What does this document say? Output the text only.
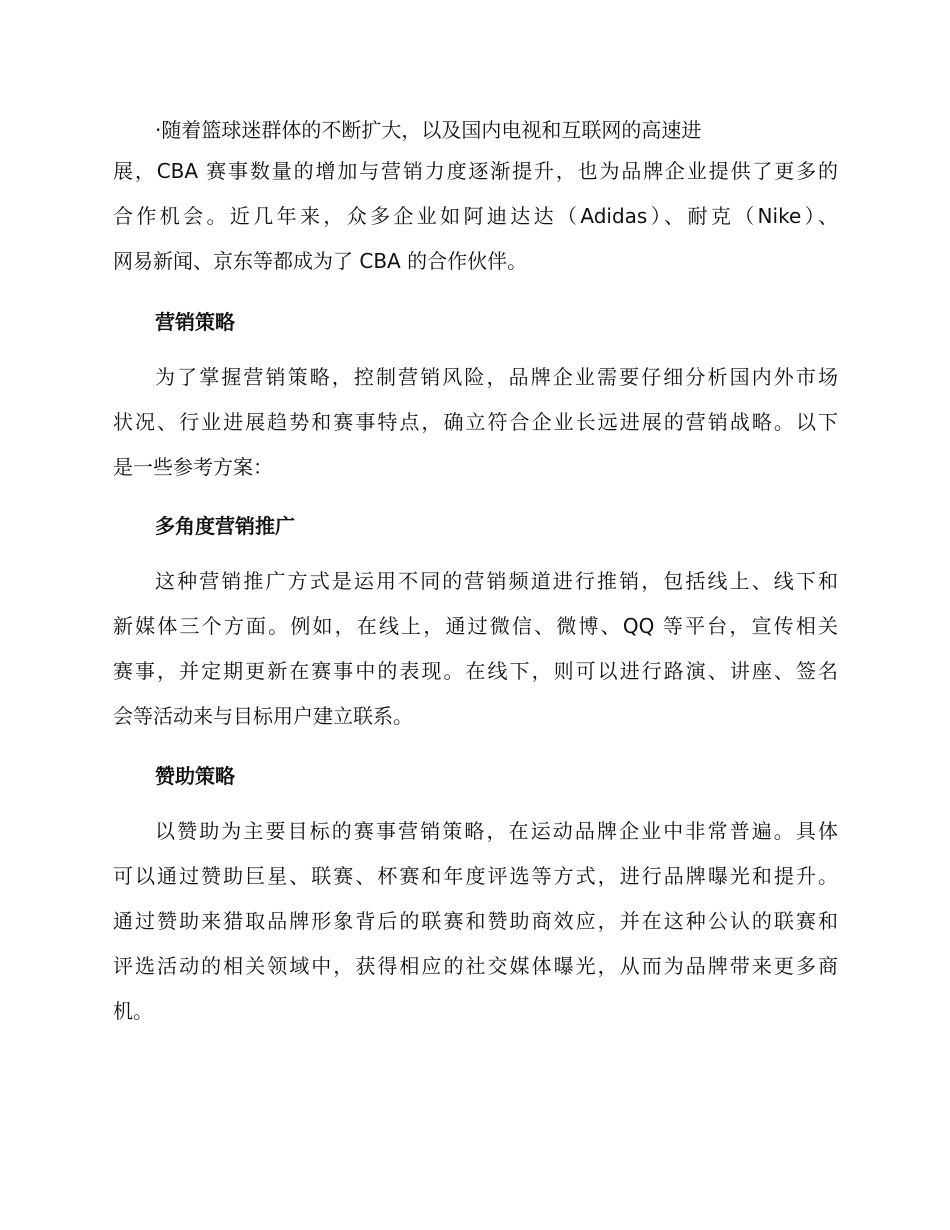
·随着篮球迷群体的不断扩大，以及国内电视和互联网的高速进
展，CBA 赛事数量的增加与营销力度逐渐提升，也为品牌企业提供了更多的
合作机会。近几年来，众多企业如阿迪达达（Adidas）、耐克（Nike）、
网易新闻、京东等都成为了 CBA 的合作伙伴。
营销策略
为了掌握营销策略，控制营销风险，品牌企业需要仔细分析国内外市场
状况、行业进展趋势和赛事特点，确立符合企业长远进展的营销战略。以下
是一些参考方案：
多角度营销推广
这种营销推广方式是运用不同的营销频道进行推销，包括线上、线下和
新媒体三个方面。例如，在线上，通过微信、微博、QQ 等平台，宣传相关
赛事，并定期更新在赛事中的表现。在线下，则可以进行路演、讲座、签名
会等活动来与目标用户建立联系。
赞助策略
以赞助为主要目标的赛事营销策略，在运动品牌企业中非常普遍。具体
可以通过赞助巨星、联赛、杯赛和年度评选等方式，进行品牌曝光和提升。
通过赞助来猎取品牌形象背后的联赛和赞助商效应，并在这种公认的联赛和
评选活动的相关领域中，获得相应的社交媒体曝光，从而为品牌带来更多商
机。
